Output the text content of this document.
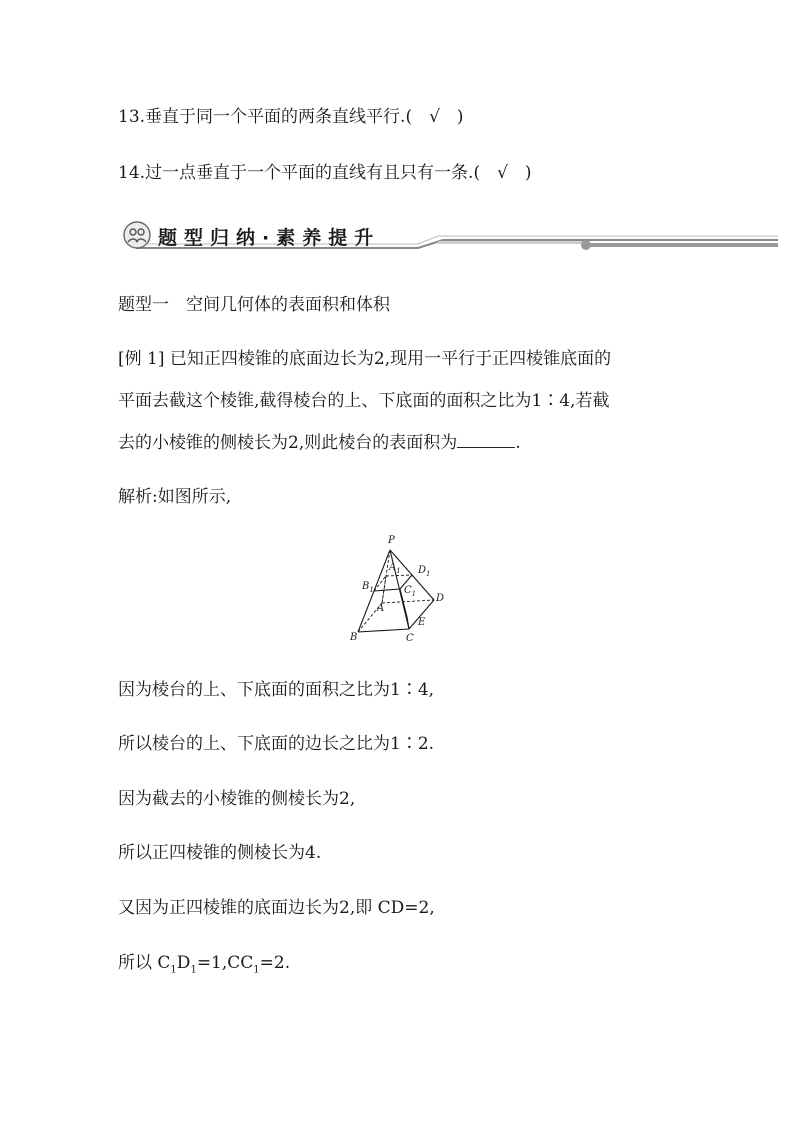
13.垂直于同一个平面的两条直线平行.(　√　)
14.过一点垂直于一个平面的直线有且只有一条.(　√　)
题型归纳·素养提升
题型一　空间几何体的表面积和体积
[例 1] 已知正四棱锥的底面边长为2,现用一平行于正四棱锥底面的
平面去截这个棱锥,截得棱台的上、下底面的面积之比为1∶4,若截
去的小棱锥的侧棱长为2,则此棱台的表面积为	.
解析:如图所示,
P
$A_1$ $D_1$
$B_1$	$C_1$ D
A
E
B	C
因为棱台的上、下底面的面积之比为1∶4,
所以棱台的上、下底面的边长之比为1∶2.
因为截去的小棱锥的侧棱长为2,
所以正四棱锥的侧棱长为4.
又因为正四棱锥的底面边长为2,即 CD=2,
所以 $C_1D_1=1,CC_1=2$.
